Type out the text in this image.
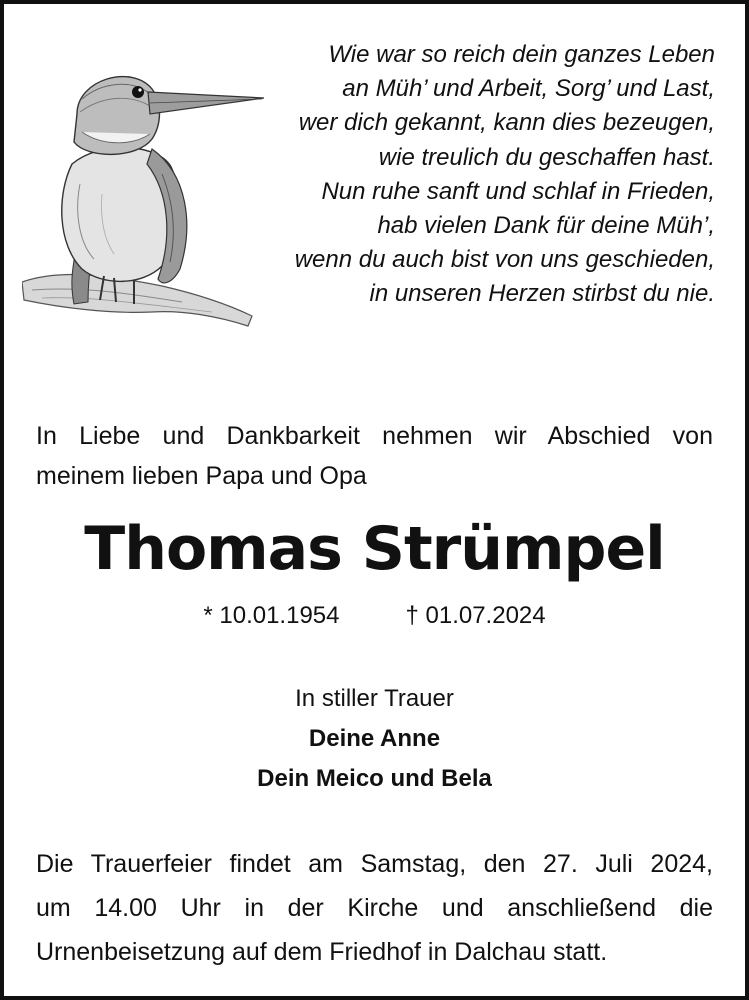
Wie war so reich dein ganzes Leben
an Müh’ und Arbeit, Sorg’ und Last,
wer dich gekannt, kann dies bezeugen,
wie treulich du geschaffen hast.
Nun ruhe sanft und schlaf in Frieden,
hab vielen Dank für deine Müh’,
wenn du auch bist von uns geschieden,
in unseren Herzen stirbst du nie.
In Liebe und Dankbarkeit nehmen wir Abschied von
meinem lieben Papa und Opa
Thomas Strümpel
* 10.01.1954	† 01.07.2024
In stiller Trauer
Deine Anne
Dein Meico und Bela
Die Trauerfeier findet am Samstag, den 27. Juli 2024,
um 14.00 Uhr in der Kirche und anschließend die
Urnenbeisetzung auf dem Friedhof in Dalchau statt.
